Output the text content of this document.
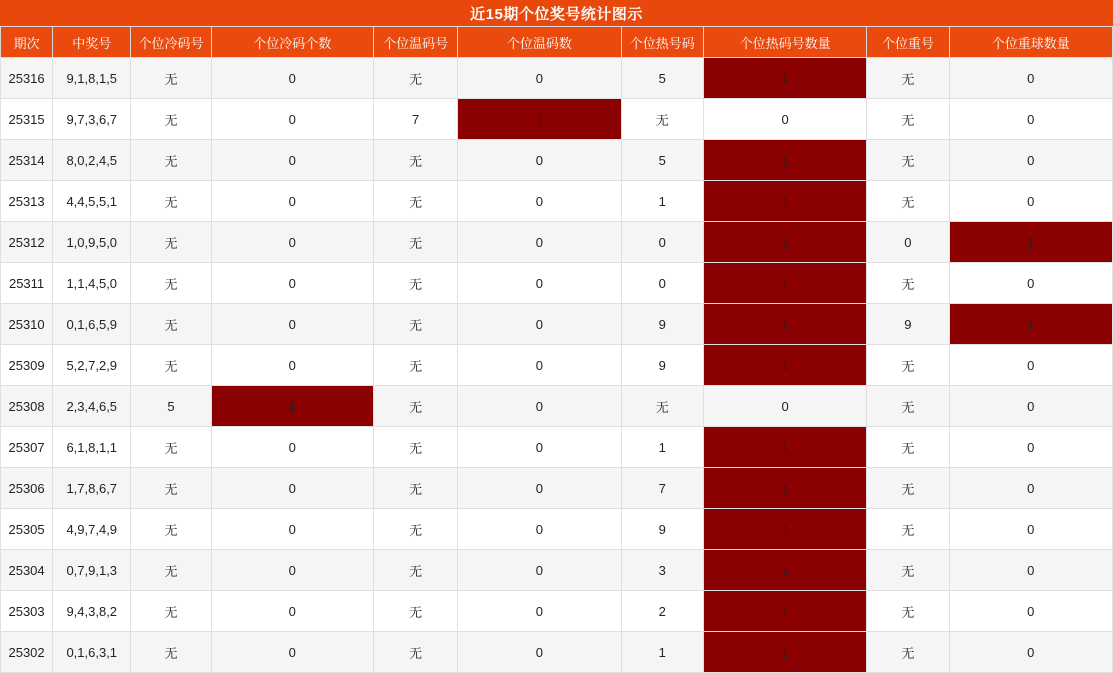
近15期个位奖号统计图示
期次	中奖号	个位冷码号	个位冷码个数	个位温码号	个位温码数	个位热号码	个位热码号数量	个位重号	个位重球数量
25316	9,1,8,1,5	无	0	无	0	5	1	无	0
25315	9,7,3,6,7	无	0	7	1	无	0	无	0
25314	8,0,2,4,5	无	0	无	0	5	1	无	0
25313	4,4,5,5,1	无	0	无	0	1	1	无	0
25312	1,0,9,5,0	无	0	无	0	0	1	0	1
25311	1,1,4,5,0	无	0	无	0	0	1	无	0
25310	0,1,6,5,9	无	0	无	0	9	1	9	1
25309	5,2,7,2,9	无	0	无	0	9	1	无	0
25308	2,3,4,6,5	5	1	无	0	无	0	无	0
25307	6,1,8,1,1	无	0	无	0	1	1	无	0
25306	1,7,8,6,7	无	0	无	0	7	1	无	0
25305	4,9,7,4,9	无	0	无	0	9	1	无	0
25304	0,7,9,1,3	无	0	无	0	3	1	无	0
25303	9,4,3,8,2	无	0	无	0	2	1	无	0
25302	0,1,6,3,1	无	0	无	0	1	1	无	0
